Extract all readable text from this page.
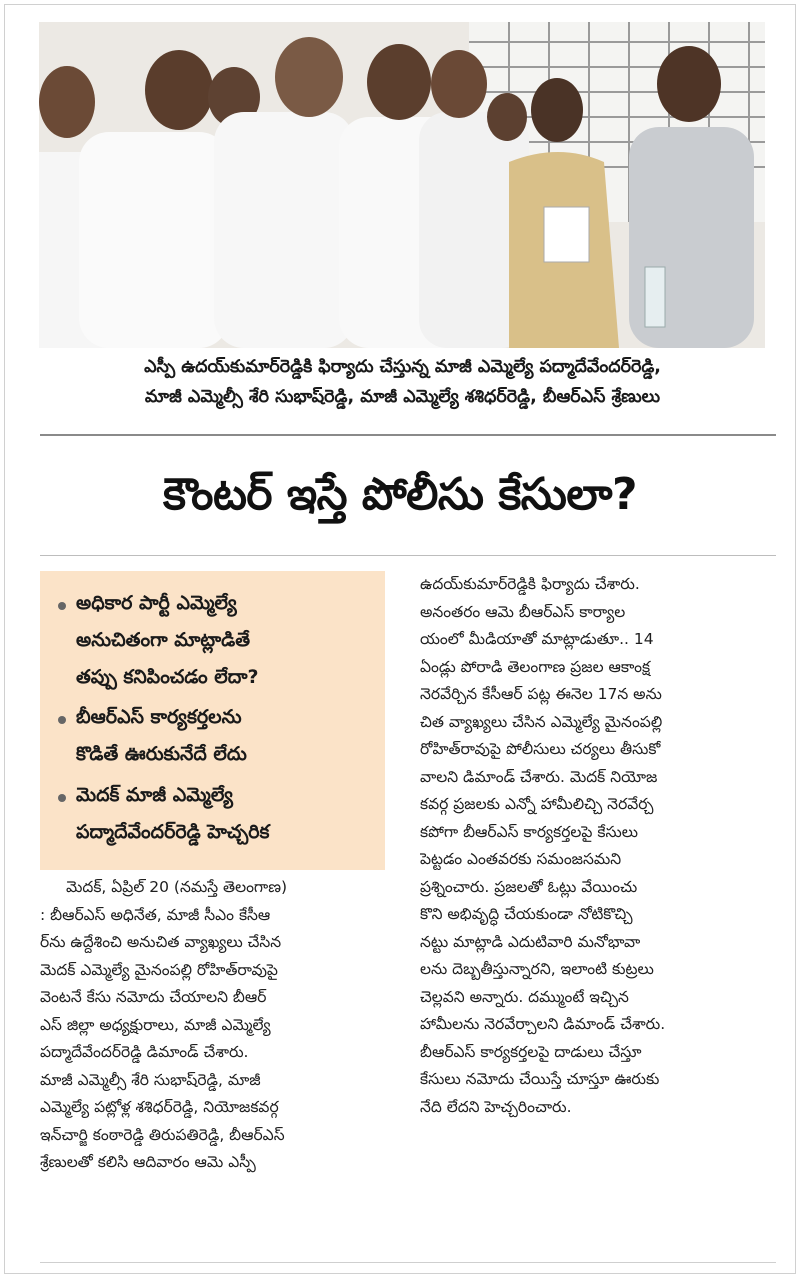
ఎస్పీ ఉదయ్‌కుమార్‌రెడ్డికి ఫిర్యాదు చేస్తున్న మాజీ ఎమ్మెల్యే పద్మాదేవేందర్‌రెడ్డి,
మాజీ ఎమ్మెల్సీ శేరి సుభాష్‌రెడ్డి, మాజీ ఎమ్మెల్యే శశిధర్‌రెడ్డి, బీఆర్‌ఎస్ శ్రేణులు
కౌంటర్ ఇస్తే పోలీసు కేసులా?
అధికార పార్టీ ఎమ్మెల్యే
అనుచితంగా మాట్లాడితే
తప్పు కనిపించడం లేదా?
బీఆర్‌ఎస్ కార్యకర్తలను
కొడితే ఊరుకునేదే లేదు
మెదక్ మాజీ ఎమ్మెల్యే
పద్మాదేవేందర్‌రెడ్డి హెచ్చరిక
మెదక్, ఏప్రిల్ 20 (నమస్తే తెలంగాణ)
: బీఆర్‌ఎస్ అధినేత, మాజీ సీఎం కేసీఆ
ర్‌ను ఉద్దేశించి అనుచిత వ్యాఖ్యలు చేసిన
మెదక్ ఎమ్మెల్యే మైనంపల్లి రోహిత్‌రావుపై
వెంటనే కేసు నమోదు చేయాలని బీఆర్
ఎస్ జిల్లా అధ్యక్షురాలు, మాజీ ఎమ్మెల్యే
పద్మాదేవేందర్‌రెడ్డి డిమాండ్ చేశారు.
మాజీ ఎమ్మెల్సీ శేరి సుభాష్‌రెడ్డి, మాజీ
ఎమ్మెల్యే పట్లోళ్ల శశిధర్‌రెడ్డి, నియోజకవర్గ
ఇన్‌చార్జి కంఠారెడ్డి తిరుపతిరెడ్డి, బీఆర్‌ఎస్
శ్రేణులతో కలిసి ఆదివారం ఆమె ఎస్పీ
ఉదయ్‌కుమార్‌రెడ్డికి ఫిర్యాదు చేశారు.
అనంతరం ఆమె బీఆర్‌ఎస్ కార్యాల
యంలో మీడియాతో మాట్లాడుతూ.. 14
ఏండ్లు పోరాడి తెలంగాణ ప్రజల ఆకాంక్ష
నెరవేర్చిన కేసీఆర్ పట్ల ఈనెల 17న అను
చిత వ్యాఖ్యలు చేసిన ఎమ్మెల్యే మైనంపల్లి
రోహిత్‌రావుపై పోలీసులు చర్యలు తీసుకో
వాలని డిమాండ్ చేశారు. మెదక్ నియోజ
కవర్గ ప్రజలకు ఎన్నో హామీలిచ్చి నెరవేర్చ
కపోగా బీఆర్‌ఎస్ కార్యకర్తలపై కేసులు
పెట్టడం ఎంతవరకు సమంజసమని
ప్రశ్నించారు. ప్రజలతో ఓట్లు వేయించు
కొని అభివృద్ధి చేయకుండా నోటికొచ్చి
నట్టు మాట్లాడి ఎదుటివారి మనోభావా
లను దెబ్బతీస్తున్నారని, ఇలాంటి కుట్రలు
చెల్లవని అన్నారు. దమ్ముంటే ఇచ్చిన
హామీలను నెరవేర్చాలని డిమాండ్ చేశారు.
బీఆర్‌ఎస్ కార్యకర్తలపై దాడులు చేస్తూ
కేసులు నమోదు చేయిస్తే చూస్తూ ఊరుకు
నేది లేదని హెచ్చరించారు.
